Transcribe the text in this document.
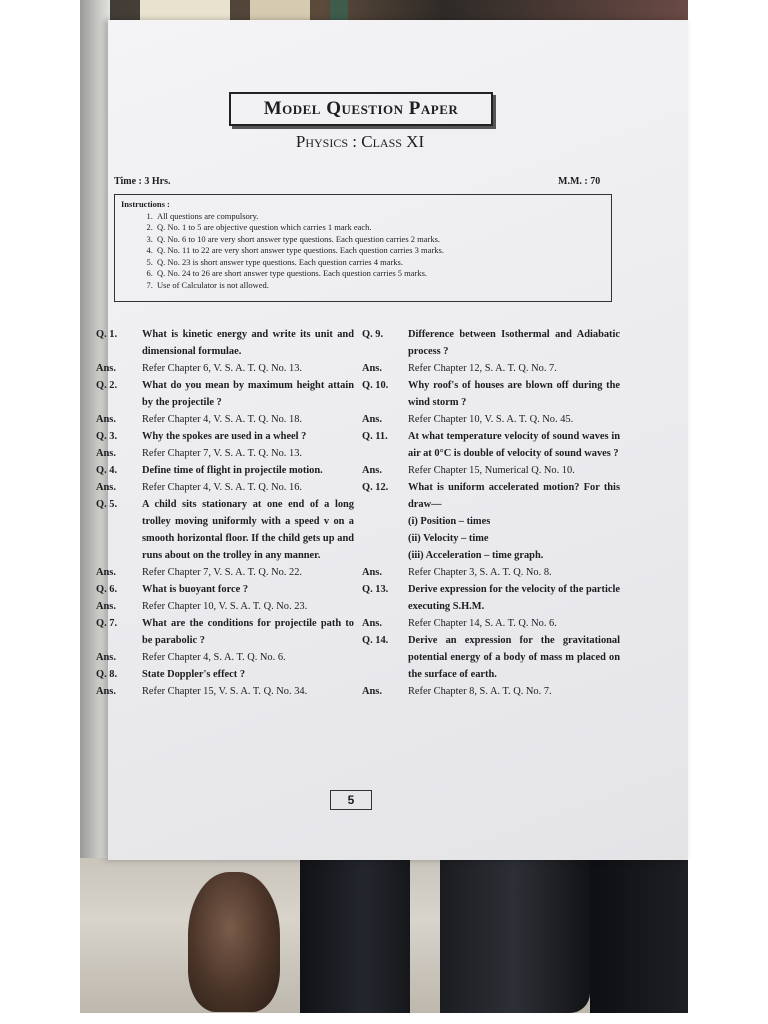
Model Question Paper
Physics : Class XI
Time : 3 Hrs.	M.M. : 70
Instructions :
1. All questions are compulsory.
2. Q. No. 1 to 5 are objective question which carries 1 mark each.
3. Q. No. 6 to 10 are very short answer type questions. Each question carries 2 marks.
4. Q. No. 11 to 22 are very short answer type questions. Each question carries 3 marks.
5. Q. No. 23 is short answer type questions. Each question carries 4 marks.
6. Q. No. 24 to 26 are short answer type questions. Each question carries 5 marks.
7. Use of Calculator is not allowed.
Q. 1.	What is kinetic energy and write its unit and dimensional formulae.
Ans.	Refer Chapter 6, V. S. A. T. Q. No. 13.
Q. 2.	What do you mean by maximum height attain by the projectile ?
Ans.	Refer Chapter 4, V. S. A. T. Q. No. 18.
Q. 3.	Why the spokes are used in a wheel ?
Ans.	Refer Chapter 7, V. S. A. T. Q. No. 13.
Q. 4.	Define time of flight in projectile motion.
Ans.	Refer Chapter 4, V. S. A. T. Q. No. 16.
Q. 5.	A child sits stationary at one end of a long trolley moving uniformly with a speed v on a smooth horizontal floor. If the child gets up and runs about on the trolley in any manner.
Ans.	Refer Chapter 7, V. S. A. T. Q. No. 22.
Q. 6.	What is buoyant force ?
Ans.	Refer Chapter 10, V. S. A. T. Q. No. 23.
Q. 7.	What are the conditions for projectile path to be parabolic ?
Ans.	Refer Chapter 4, S. A. T. Q. No. 6.
Q. 8.	State Doppler's effect ?
Ans.	Refer Chapter 15, V. S. A. T. Q. No. 34.
Q. 9.	Difference between Isothermal and Adiabatic process ?
Ans.	Refer Chapter 12, S. A. T. Q. No. 7.
Q. 10.	Why roof's of houses are blown off during the wind storm ?
Ans.	Refer Chapter 10, V. S. A. T. Q. No. 45.
Q. 11.	At what temperature velocity of sound waves in air at 0°C is double of velocity of sound waves ?
Ans.	Refer Chapter 15, Numerical Q. No. 10.
Q. 12.	What is uniform accelerated motion? For this draw—
(i) Position – times
(ii) Velocity – time
(iii) Acceleration – time graph.
Ans.	Refer Chapter 3, S. A. T. Q. No. 8.
Q. 13.	Derive expression for the velocity of the particle executing S.H.M.
Ans.	Refer Chapter 14, S. A. T. Q. No. 6.
Q. 14.	Derive an expression for the gravitational potential energy of a body of mass m placed on the surface of earth.
Ans.	Refer Chapter 8, S. A. T. Q. No. 7.
5
